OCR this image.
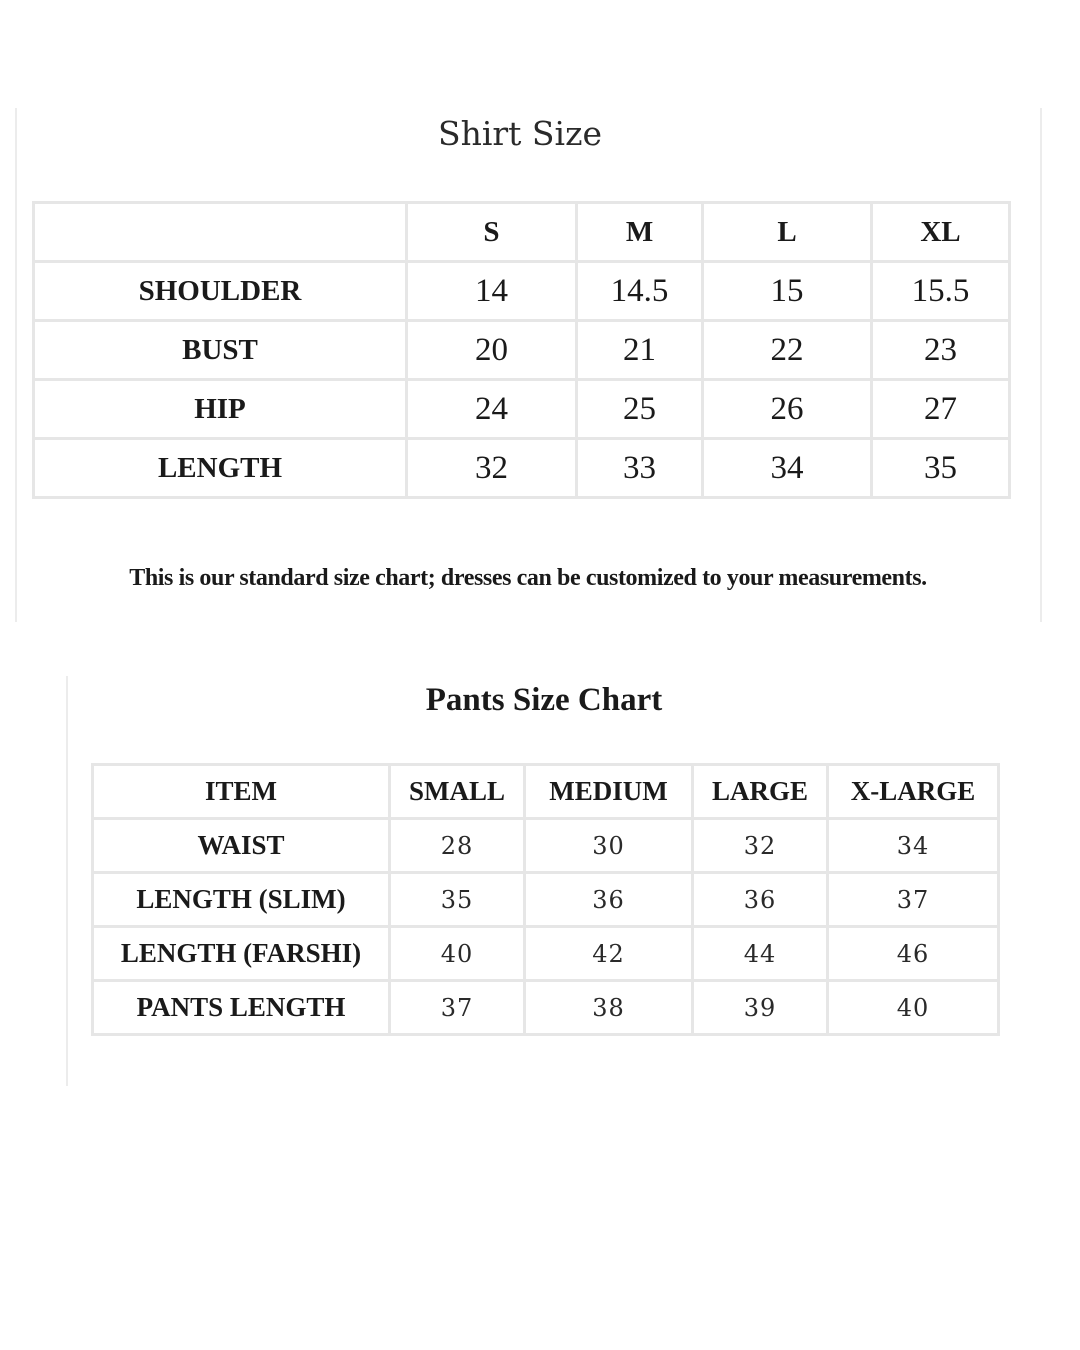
Shirt Size
	S	M	L	XL
SHOULDER	14	14.5	15	15.5
BUST	20	21	22	23
HIP	24	25	26	27
LENGTH	32	33	34	35
This is our standard size chart; dresses can be customized to your measurements.
Pants Size Chart
ITEM	SMALL	MEDIUM	LARGE	X-LARGE
WAIST	28	30	32	34
LENGTH (SLIM)	35	36	36	37
LENGTH (FARSHI)	40	42	44	46
PANTS LENGTH	37	38	39	40
